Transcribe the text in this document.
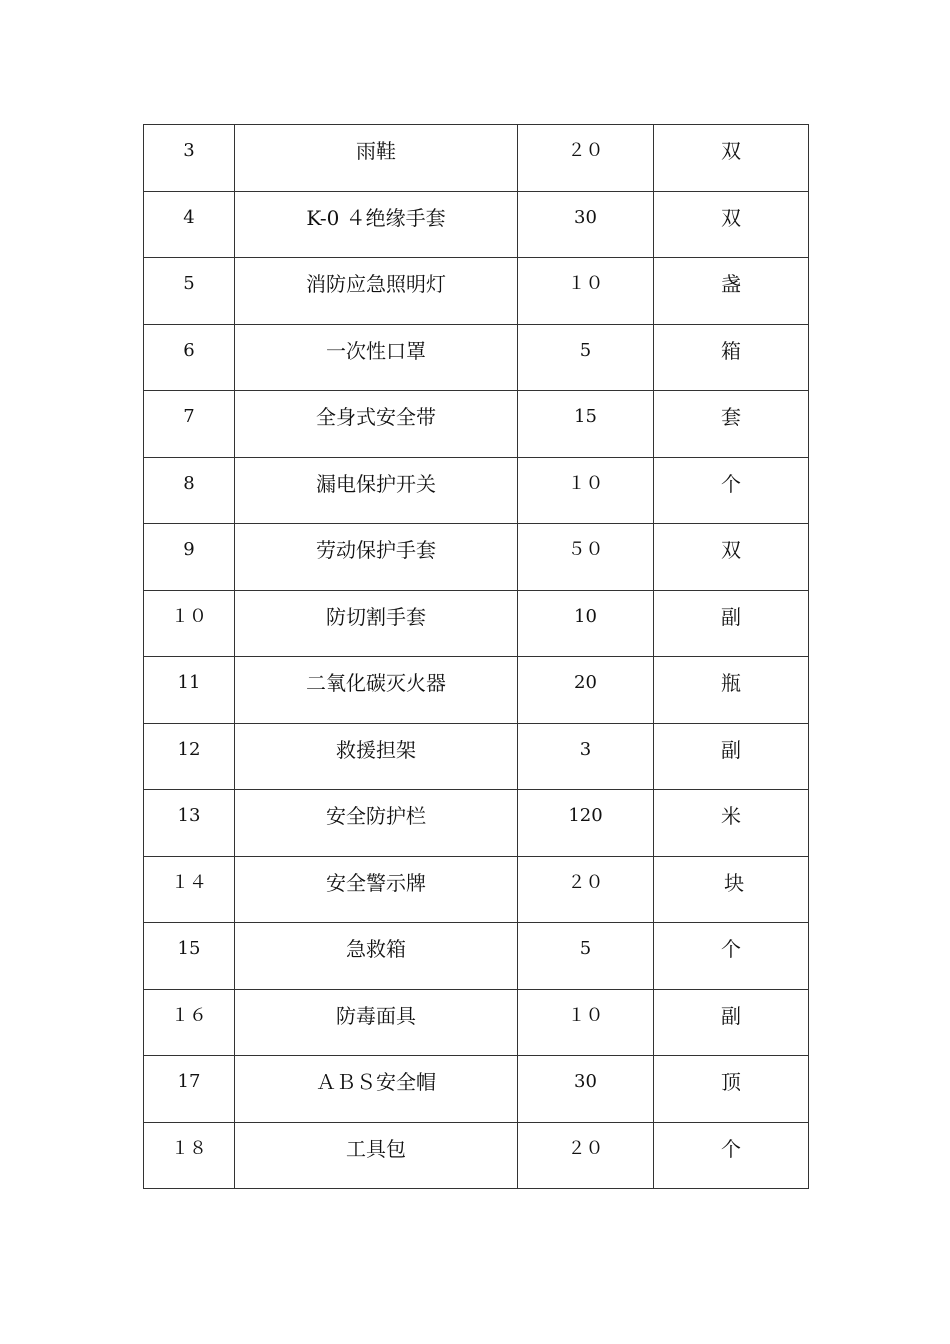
3	雨鞋	２０	双

4	K-0 ４绝缘手套	30	双

5	消防应急照明灯	１０	盏

6	一次性口罩	5	箱

7	全身式安全带	15	套

8	漏电保护开关	１０	个

9	劳动保护手套	５０	双

１０	防切割手套	10	副

11	二氧化碳灭火器	20	瓶

12	救援担架	3	副

13	安全防护栏	120	米

１４	安全警示牌	２０	块

15	急救箱	5	个

１６	防毒面具	１０	副

17	ＡＢＳ安全帽	30	顶

１８	工具包	２０	个
